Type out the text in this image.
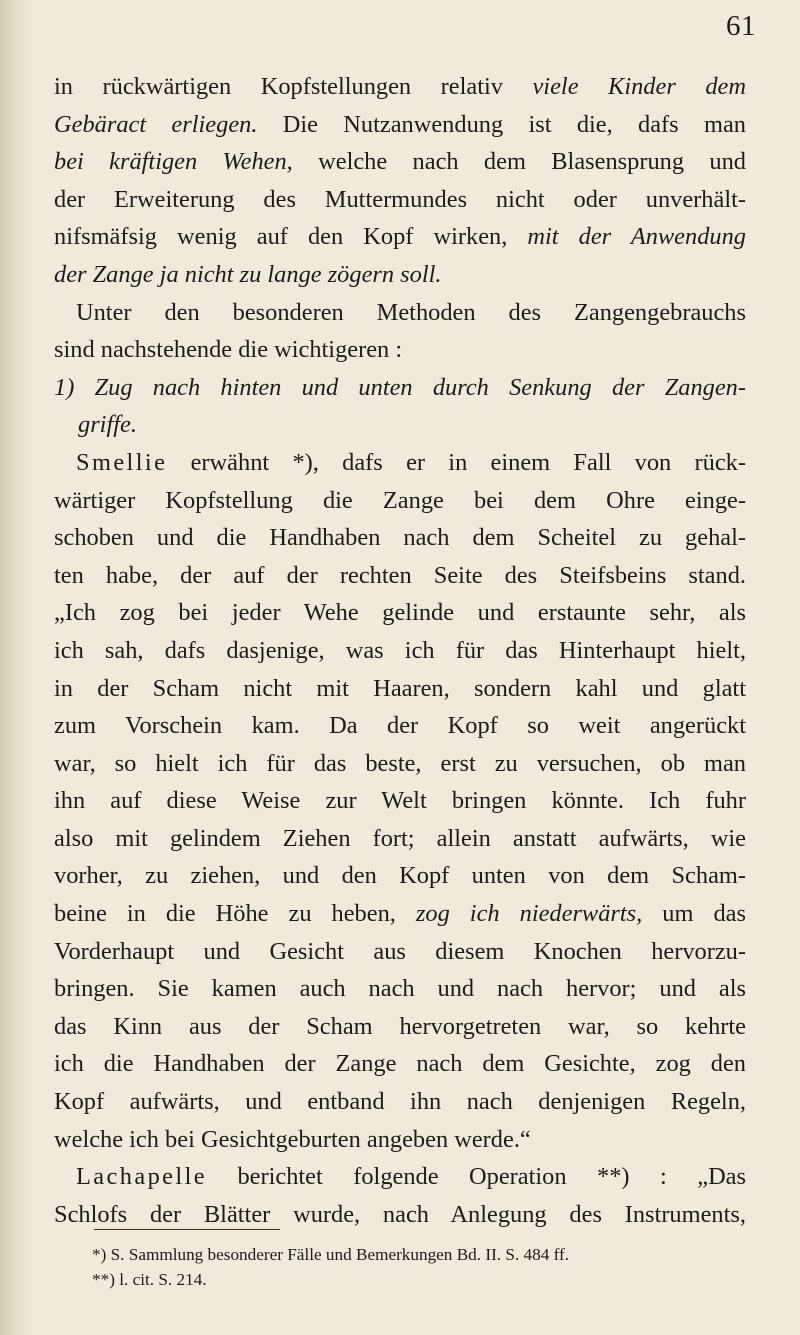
61
in rückwärtigen Kopfstellungen relativ viele Kinder dem
Gebäract erliegen. Die Nutzanwendung ist die, dafs man
bei kräftigen Wehen, welche nach dem Blasensprung und
der Erweiterung des Muttermundes nicht oder unverhält-
nifsmäfsig wenig auf den Kopf wirken, mit der Anwendung
der Zange ja nicht zu lange zögern soll.
Unter den besonderen Methoden des Zangengebrauchs
sind nachstehende die wichtigeren :
1) Zug nach hinten und unten durch Senkung der Zangen-
griffe.
Smellie erwähnt *), dafs er in einem Fall von rück-
wärtiger Kopfstellung die Zange bei dem Ohre einge-
schoben und die Handhaben nach dem Scheitel zu gehal-
ten habe, der auf der rechten Seite des Steifsbeins stand.
„Ich zog bei jeder Wehe gelinde und erstaunte sehr, als
ich sah, dafs dasjenige, was ich für das Hinterhaupt hielt,
in der Scham nicht mit Haaren, sondern kahl und glatt
zum Vorschein kam. Da der Kopf so weit angerückt
war, so hielt ich für das beste, erst zu versuchen, ob man
ihn auf diese Weise zur Welt bringen könnte. Ich fuhr
also mit gelindem Ziehen fort; allein anstatt aufwärts, wie
vorher, zu ziehen, und den Kopf unten von dem Scham-
beine in die Höhe zu heben, zog ich niederwärts, um das
Vorderhaupt und Gesicht aus diesem Knochen hervorzu-
bringen. Sie kamen auch nach und nach hervor; und als
das Kinn aus der Scham hervorgetreten war, so kehrte
ich die Handhaben der Zange nach dem Gesichte, zog den
Kopf aufwärts, und entband ihn nach denjenigen Regeln,
welche ich bei Gesichtgeburten angeben werde.“
Lachapelle berichtet folgende Operation **) : „Das
Schlofs der Blätter wurde, nach Anlegung des Instruments,
*) S. Sammlung besonderer Fälle und Bemerkungen Bd. II. S. 484 ff.
**) l. cit. S. 214.
